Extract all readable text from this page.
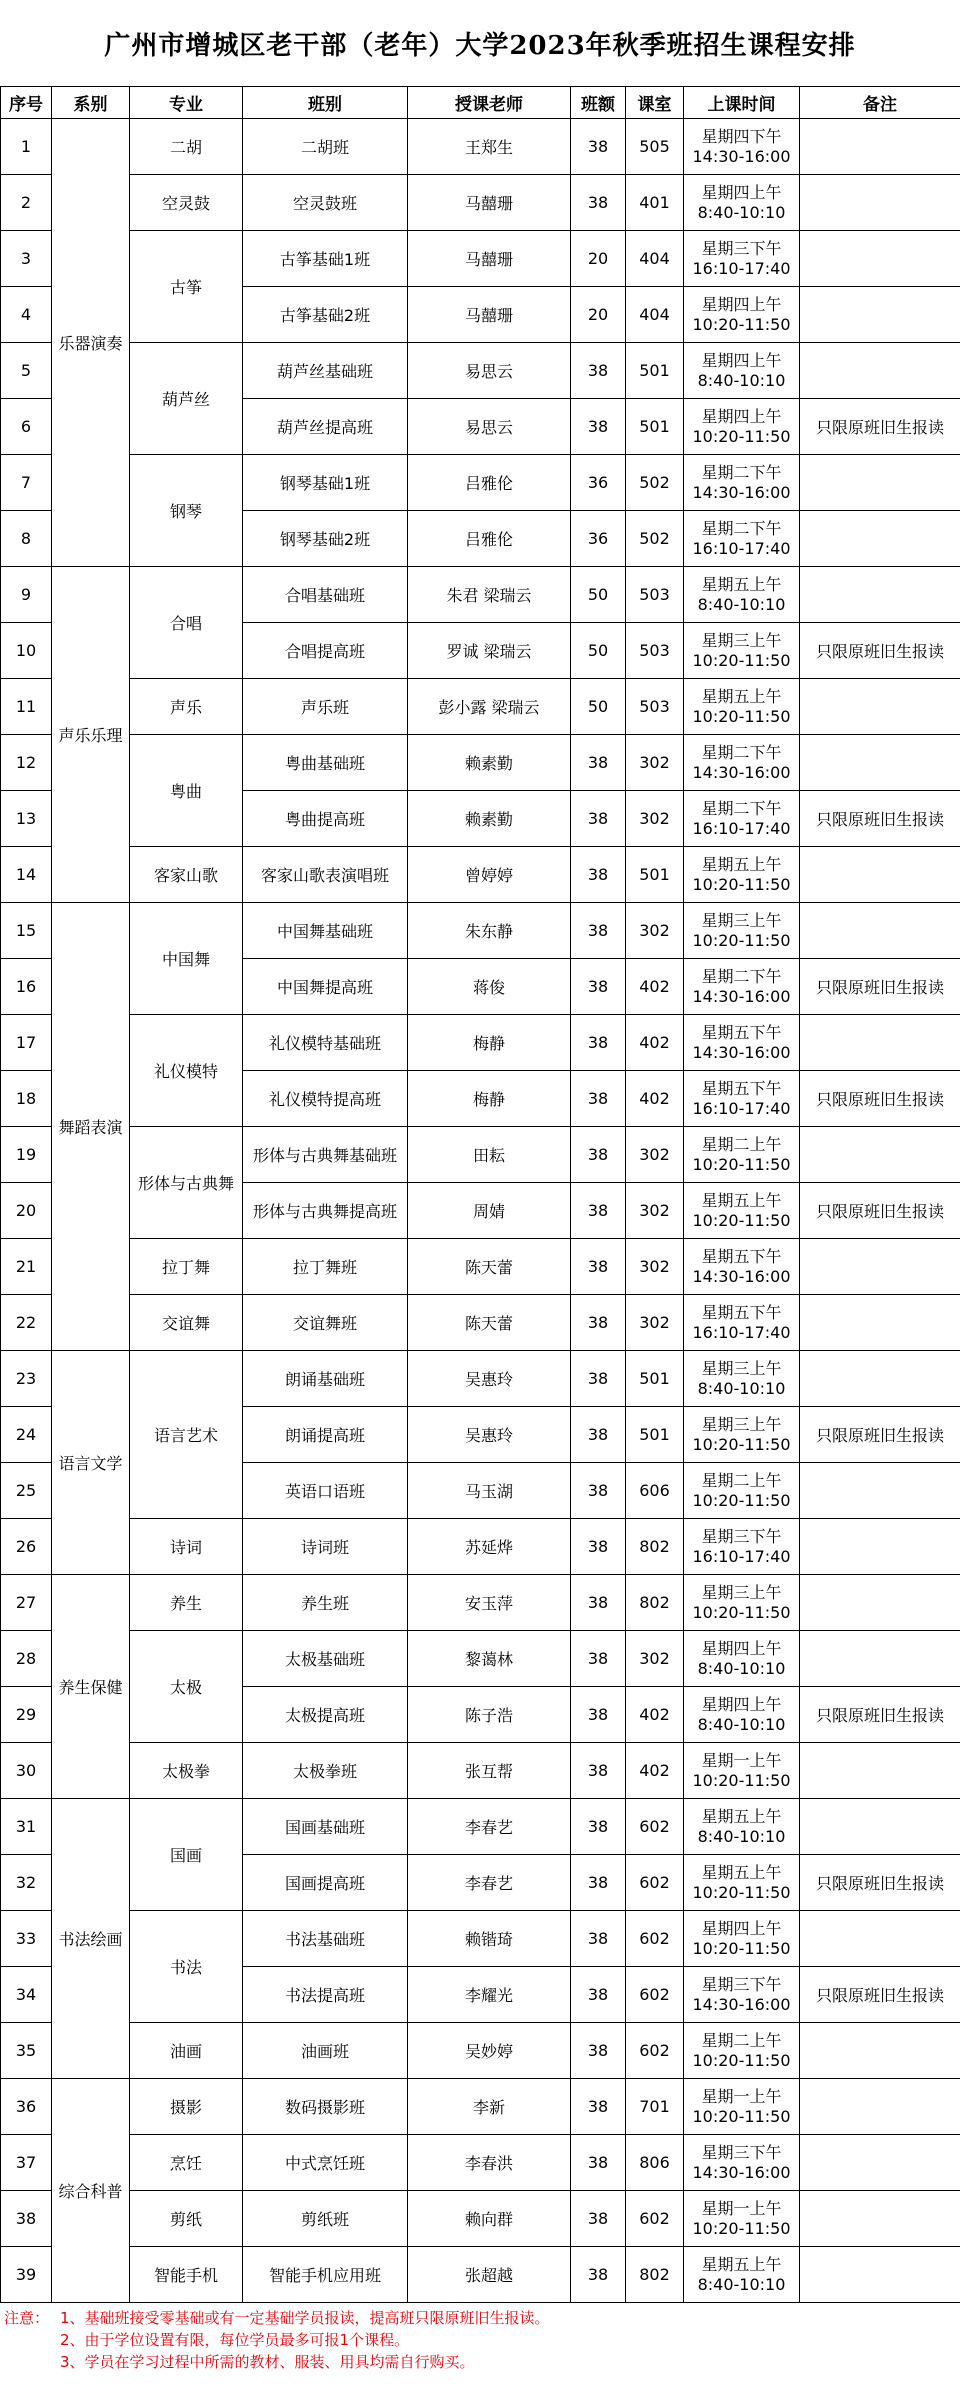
广州市增城区老干部（老年）大学2023年秋季班招生课程安排
序号	系别	专业	班别	授课老师	班额	课室	上课时间	备注
1	乐器演奏	二胡	二胡班	王郑生	38	505	星期四下午
14:30-16:00	

2		空灵鼓	空灵鼓班	马囍珊	38	401	星期四上午
8:40-10:10	

3		古筝	古筝基础1班	马囍珊	20	404	星期三下午
16:10-17:40	

4			古筝基础2班	马囍珊	20	404	星期四上午
10:20-11:50	

5		葫芦丝	葫芦丝基础班	易思云	38	501	星期四上午
8:40-10:10	

6			葫芦丝提高班	易思云	38	501	星期四上午
10:20-11:50	只限原班旧生报读
7		钢琴	钢琴基础1班	吕雅伦	36	502	星期二下午
14:30-16:00	

8			钢琴基础2班	吕雅伦	36	502	星期二下午
16:10-17:40	

9	声乐乐理	合唱	合唱基础班	朱君 梁瑞云	50	503	星期五上午
8:40-10:10	

10			合唱提高班	罗诚 梁瑞云	50	503	星期三上午
10:20-11:50	只限原班旧生报读
11		声乐	声乐班	彭小露 梁瑞云	50	503	星期五上午
10:20-11:50	

12		粤曲	粤曲基础班	赖素勤	38	302	星期二下午
14:30-16:00	

13			粤曲提高班	赖素勤	38	302	星期二下午
16:10-17:40	只限原班旧生报读
14		客家山歌	客家山歌表演唱班	曾婷婷	38	501	星期五上午
10:20-11:50	

15	舞蹈表演	中国舞	中国舞基础班	朱东静	38	302	星期三上午
10:20-11:50	

16			中国舞提高班	蒋俊	38	402	星期二下午
14:30-16:00	只限原班旧生报读
17		礼仪模特	礼仪模特基础班	梅静	38	402	星期五下午
14:30-16:00	

18			礼仪模特提高班	梅静	38	402	星期五下午
16:10-17:40	只限原班旧生报读
19		形体与古典舞	形体与古典舞基础班	田耘	38	302	星期二上午
10:20-11:50	

20			形体与古典舞提高班	周婧	38	302	星期五上午
10:20-11:50	只限原班旧生报读
21		拉丁舞	拉丁舞班	陈天蕾	38	302	星期五下午
14:30-16:00	

22		交谊舞	交谊舞班	陈天蕾	38	302	星期五下午
16:10-17:40	

23	语言文学	语言艺术	朗诵基础班	吴惠玲	38	501	星期三上午
8:40-10:10	

24			朗诵提高班	吴惠玲	38	501	星期三上午
10:20-11:50	只限原班旧生报读
25			英语口语班	马玉湖	38	606	星期二上午
10:20-11:50	

26		诗词	诗词班	苏延烨	38	802	星期三下午
16:10-17:40	

27	养生保健	养生	养生班	安玉萍	38	802	星期三上午
10:20-11:50	

28		太极	太极基础班	黎蔼林	38	302	星期四上午
8:40-10:10	

29			太极提高班	陈子浩	38	402	星期四上午
8:40-10:10	只限原班旧生报读
30		太极拳	太极拳班	张互帮	38	402	星期一上午
10:20-11:50	

31	书法绘画	国画	国画基础班	李春艺	38	602	星期五上午
8:40-10:10	

32			国画提高班	李春艺	38	602	星期五上午
10:20-11:50	只限原班旧生报读
33		书法	书法基础班	赖锴琦	38	602	星期四上午
10:20-11:50	

34			书法提高班	李耀光	38	602	星期三下午
14:30-16:00	只限原班旧生报读
35		油画	油画班	吴妙婷	38	602	星期二上午
10:20-11:50	

36	综合科普	摄影	数码摄影班	李新	38	701	星期一上午
10:20-11:50	

37		烹饪	中式烹饪班	李春洪	38	806	星期三下午
14:30-16:00	

38		剪纸	剪纸班	赖向群	38	602	星期一上午
10:20-11:50	

39		智能手机	智能手机应用班	张超越	38	802	星期五上午
8:40-10:10	

注意： 1、基础班接受零基础或有一定基础学员报读，提高班只限原班旧生报读。
2、由于学位设置有限，每位学员最多可报1个课程。
3、学员在学习过程中所需的教材、服装、用具均需自行购买。
